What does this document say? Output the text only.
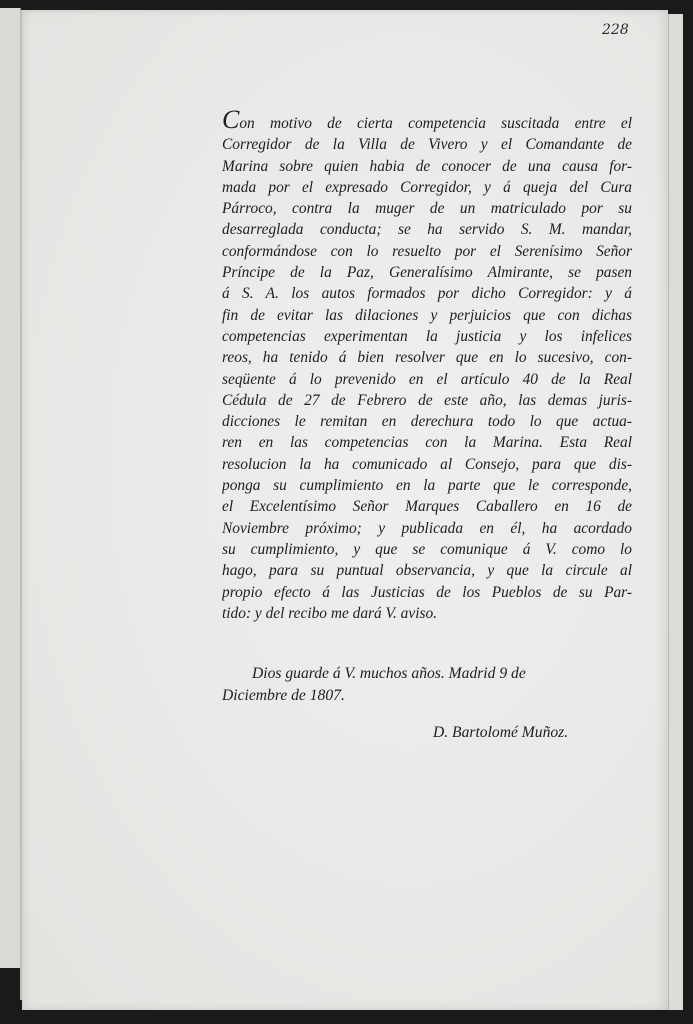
228
Con motivo de cierta competencia suscitada entre el
Corregidor de la Villa de Vivero y el Comandante de
Marina sobre quien habia de conocer de una causa for-
mada por el expresado Corregidor, y á queja del Cura
Párroco, contra la muger de un matriculado por su
desarreglada conducta; se ha servido S. M. mandar,
conformándose con lo resuelto por el Serenísimo Señor
Príncipe de la Paz, Generalísimo Almirante, se pasen
á S. A. los autos formados por dicho Corregidor: y á
fin de evitar las dilaciones y perjuicios que con dichas
competencias experimentan la justicia y los infelices
reos, ha tenido á bien resolver que en lo sucesivo, con-
seqüente á lo prevenido en el artículo 40 de la Real
Cédula de 27 de Febrero de este año, las demas juris-
dicciones le remitan en derechura todo lo que actua-
ren en las competencias con la Marina. Esta Real
resolucion la ha comunicado al Consejo, para que dis-
ponga su cumplimiento en la parte que le corresponde,
el Excelentísimo Señor Marques Caballero en 16 de
Noviembre próximo; y publicada en él, ha acordado
su cumplimiento, y que se comunique á V. como lo
hago, para su puntual observancia, y que la circule al
propio efecto á las Justicias de los Pueblos de su Par-
tido: y del recibo me dará V. aviso.
Dios guarde á V. muchos años. Madrid 9 de
Diciembre de 1807.
D. Bartolomé Muñoz.
